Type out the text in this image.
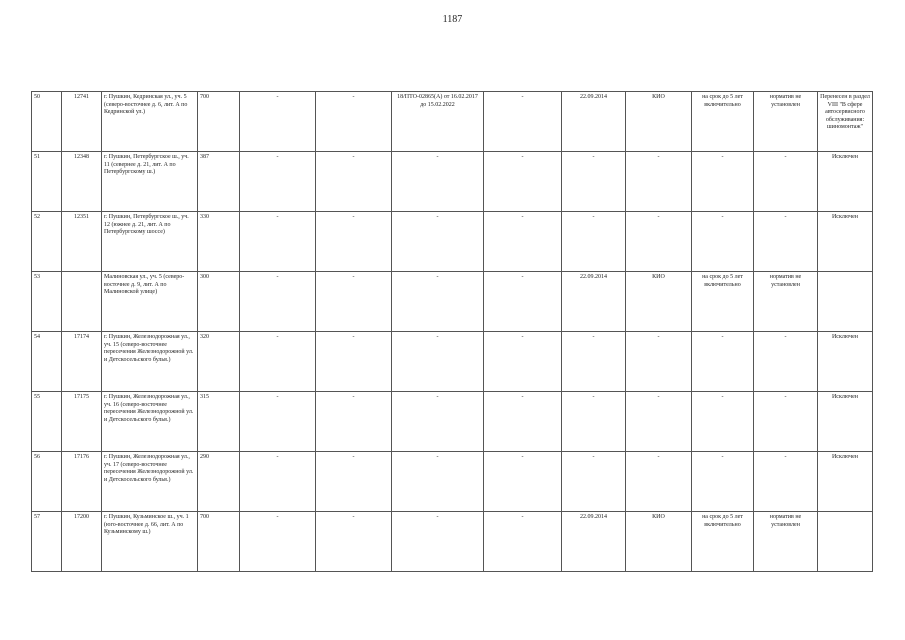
1187
50	12741	г. Пушкин, Кедринская ул., уч. 5 (северо-восточнее д. 6, лит. А по Кедринской ул.)	700	-	-	18/ПТО-02865(А) от 16.02.2017 до 15.02.2022	-	22.09.2014	КИО	на срок до 5 лет включительно	норматив не установлен	Перенесен в раздел VIII "В сфере автосервисного обслуживания: шиномонтаж"
51	12348	г. Пушкин, Петербургское ш., уч. 11 (севернее д. 21, лит. А по Петербургскому ш.)	387	-	-	-	-	-	-	-	-	Исключен
52	12351	г. Пушкин, Петербургское ш., уч. 12 (южнее д. 21, лит. А по Петербургскому шоссе)	330	-	-	-	-	-	-	-	-	Исключен
53		Малиновская ул., уч. 5 (северо-восточнее д. 9, лит. А по Малиновской улице)	300	-	-	-	-	22.09.2014	КИО	на срок до 5 лет включительно	норматив не установлен	
54	17174	г. Пушкин, Железнодорожная ул., уч. 15 (северо-восточнее пересечения Железнодорожной ул. и Детскосельского бульв.)	320	-	-	-	-	-	-	-	-	Исключен
55	17175	г. Пушкин, Железнодорожная ул., уч. 16 (северо-восточнее пересечения Железнодорожной ул. и Детскосельского бульв.)	315	-	-	-	-	-	-	-	-	Исключен
56	17176	г. Пушкин, Железнодорожная ул., уч. 17 (северо-восточнее пересечения Железнодорожной ул. и Детскосельского бульв.)	290	-	-	-	-	-	-	-	-	Исключен
57	17200	г. Пушкин, Кузьминское ш., уч. 1 (юго-восточнее д. 66, лит. А по Кузьминскому ш.)	700	-	-	-	-	22.09.2014	КИО	на срок до 5 лет включительно	норматив не установлен	
